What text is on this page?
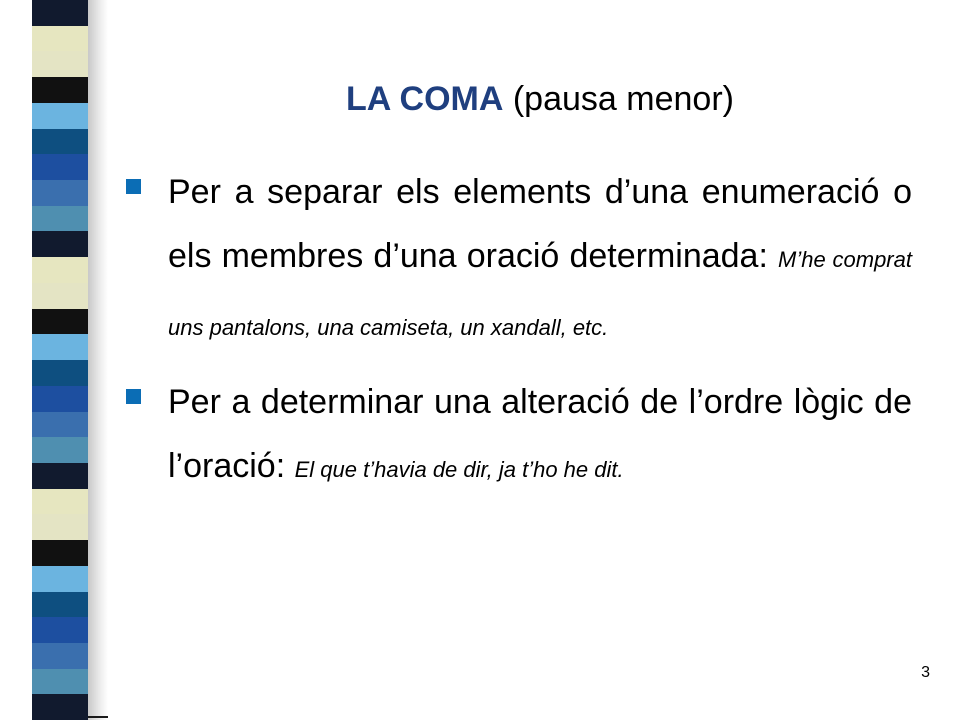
LA COMA (pausa menor)
Per a separar els elements d’una enumeració o els membres d’una oració determinada: M’he comprat uns pantalons, una camiseta, un xandall, etc.
Per a determinar una alteració de l’ordre lògic de l’oració: El que t’havia de dir, ja t’ho he dit.
3
